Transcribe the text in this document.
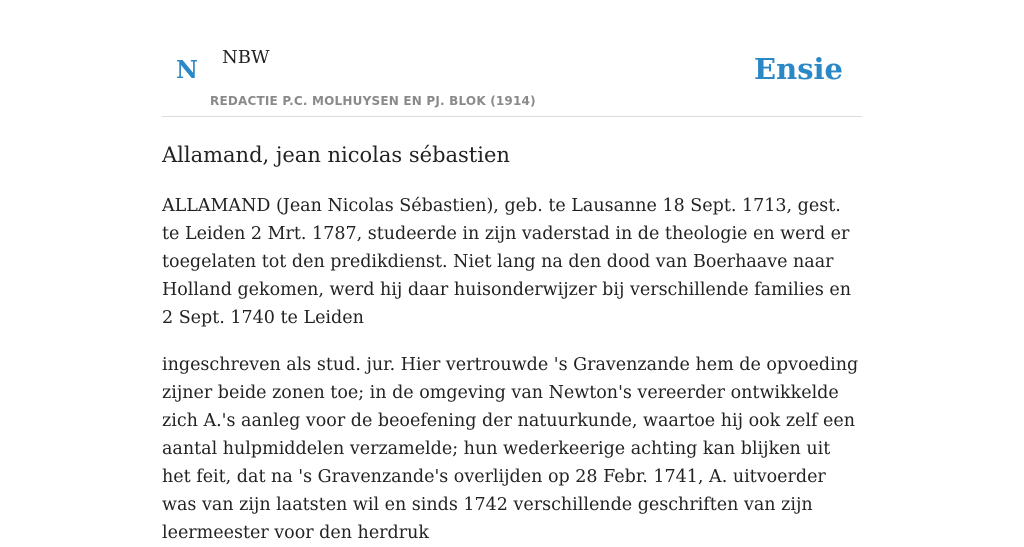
N NBW
REDACTIE P.C. MOLHUYSEN EN PJ. BLOK (1914)
Ensie
Allamand, jean nicolas sébastien

ALLAMAND (Jean Nicolas Sébastien), geb. te Lausanne 18 Sept. 1713, gest. te Leiden 2 Mrt. 1787, studeerde in zijn vaderstad in de theologie en werd er toegelaten tot den predikdienst. Niet lang na den dood van Boerhaave naar Holland gekomen, werd hij daar huisonderwijzer bij verschillende families en 2 Sept. 1740 te Leiden

ingeschreven als stud. jur. Hier vertrouwde 's Gravenzande hem de opvoeding zijner beide zonen toe; in de omgeving van Newton's vereerder ontwikkelde zich A.'s aanleg voor de beoefening der natuurkunde, waartoe hij ook zelf een aantal hulpmiddelen verzamelde; hun wederkeerige achting kan blijken uit het feit, dat na 's Gravenzande's overlijden op 28 Febr. 1741, A. uitvoerder was van zijn laatsten wil en sinds 1742 verschillende geschriften van zijn leermeester voor den herdruk
